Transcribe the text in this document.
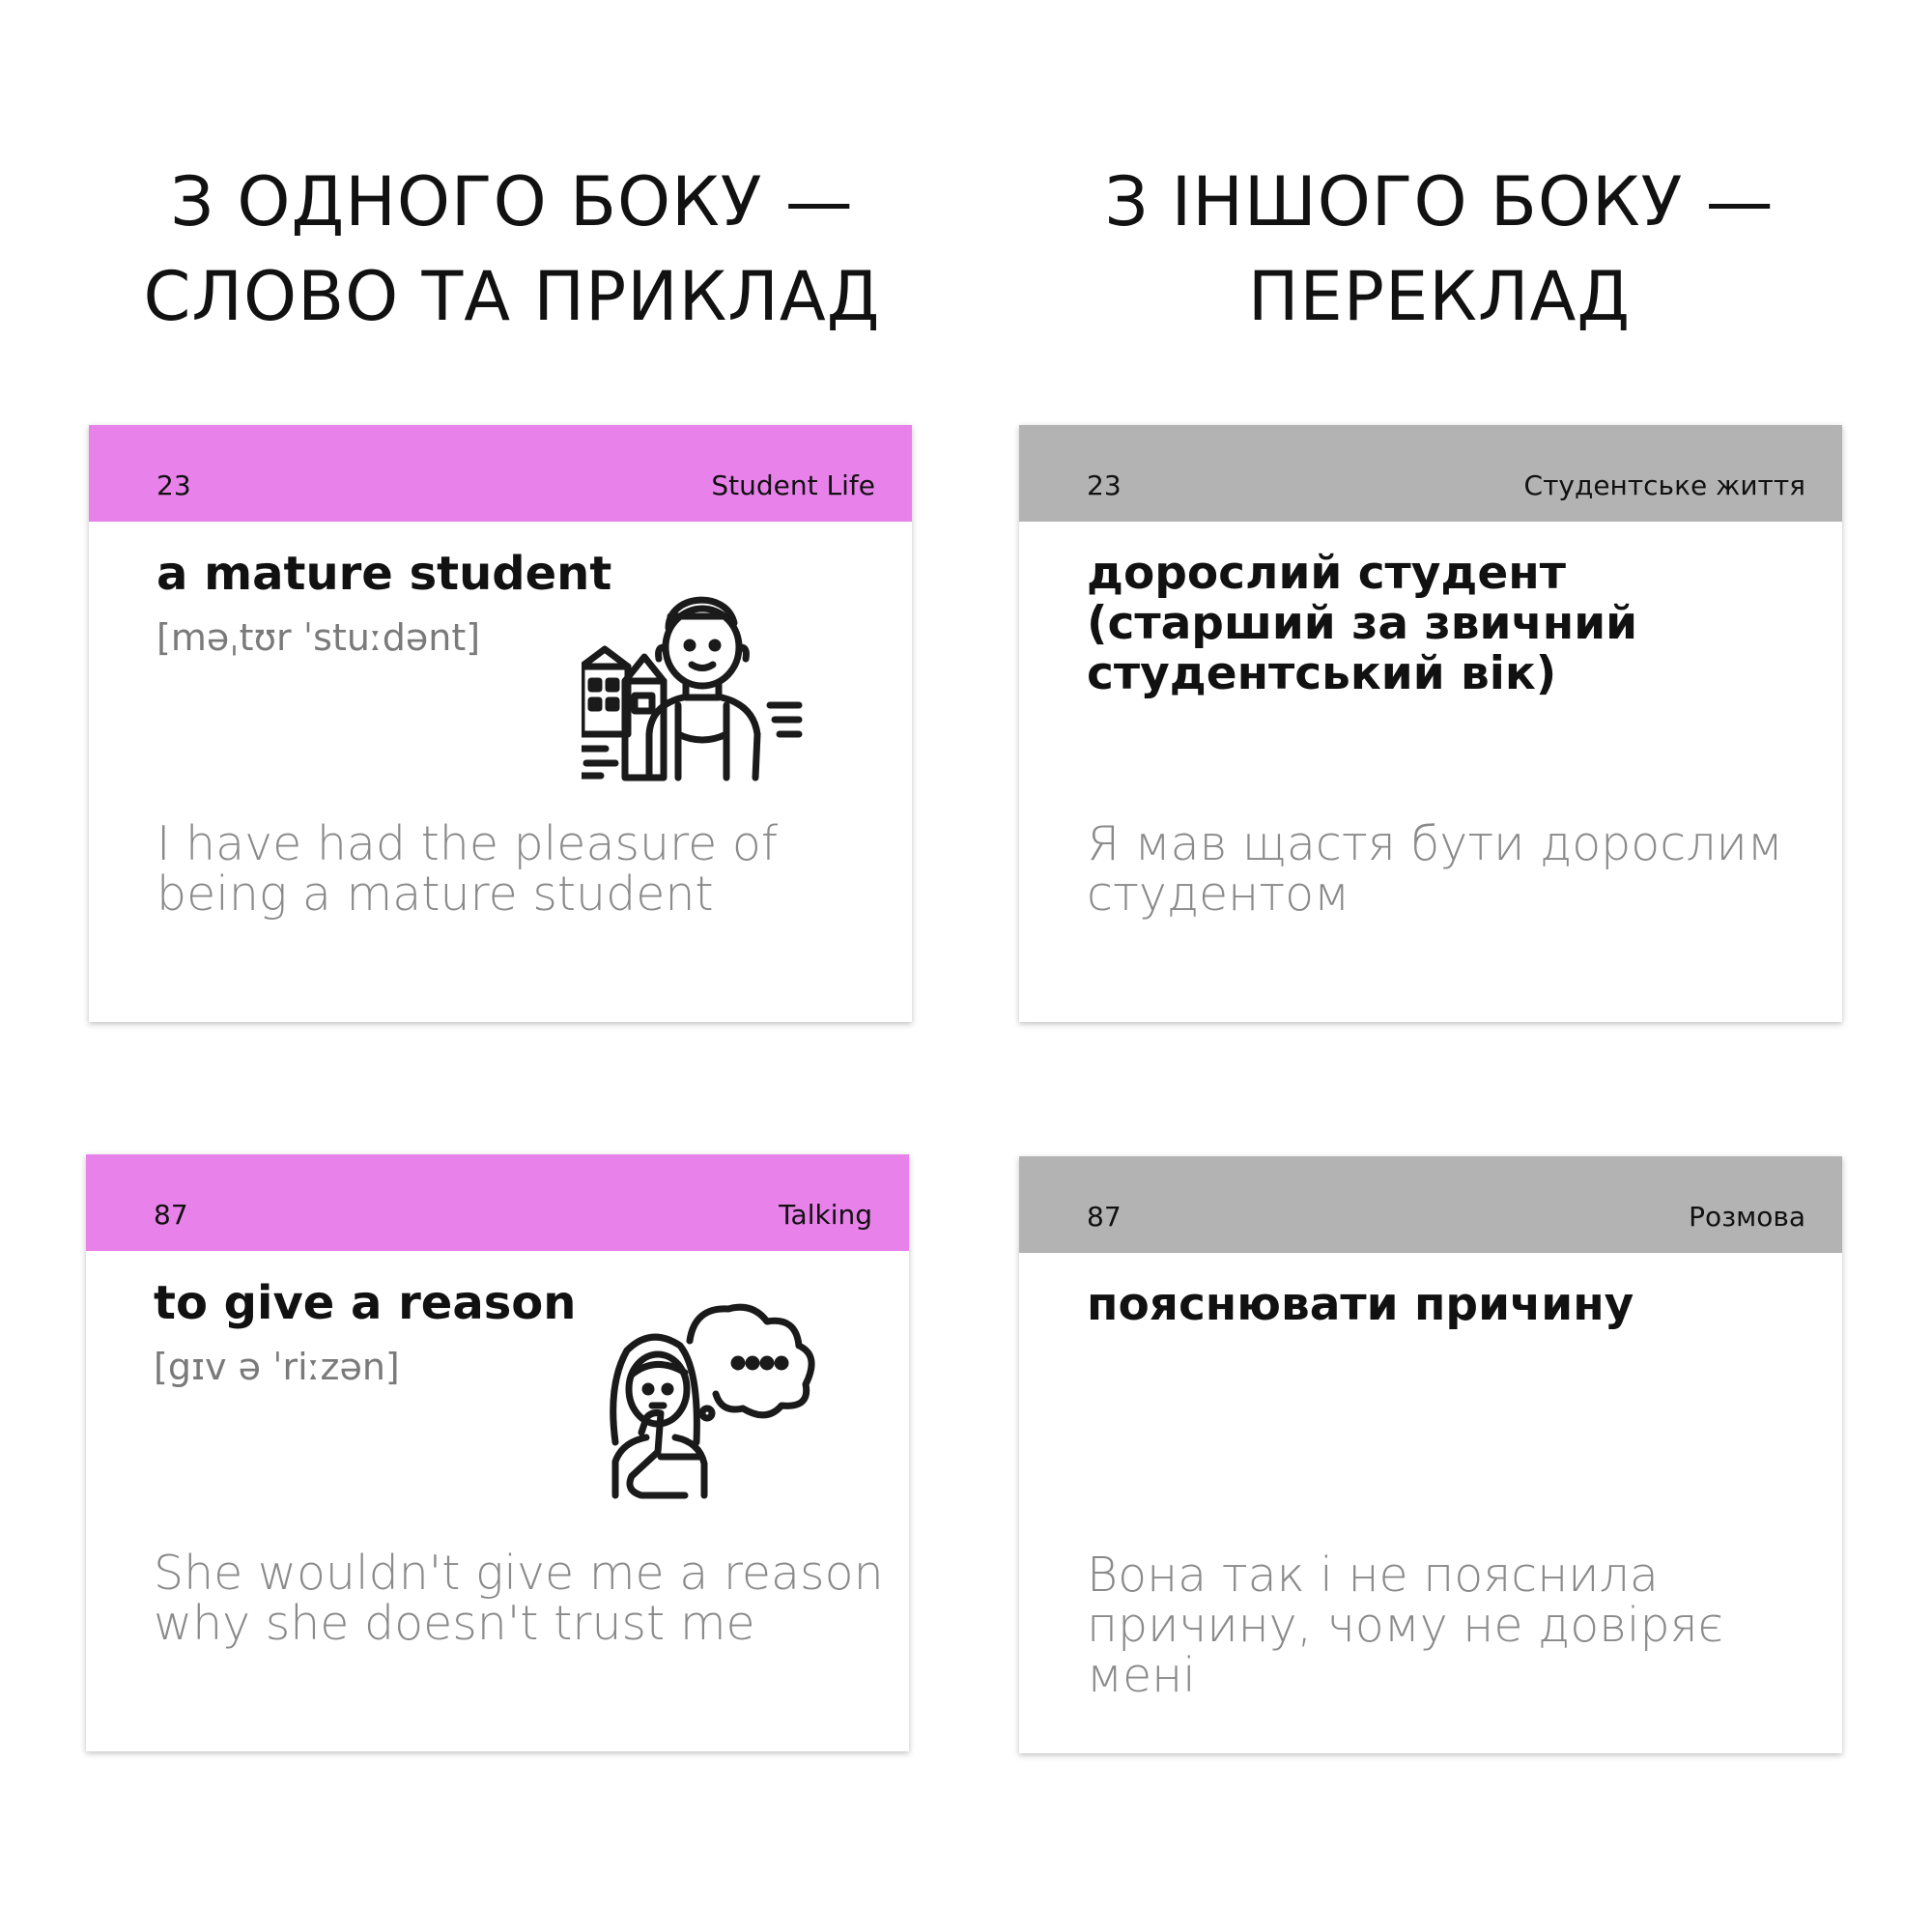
З ОДНОГО БОКУ —
СЛОВО ТА ПРИКЛАД
З ІНШОГО БОКУ —
ПЕРЕКЛАД
23	Student Life
a mature student
[məˌtʊr ˈstuːdənt]
I have had the pleasure of being a mature student
23	Студентське життя
дорослий студент (старший за звичний студентський вік)
Я мав щастя бути дорослим студентом
87	Talking
to give a reason
[gɪv ə ˈriːzən]
She wouldn't give me a reason why she doesn't trust me
87	Розмова
пояснювати причину
Вона так і не пояснила причину, чому не довіряє мені
